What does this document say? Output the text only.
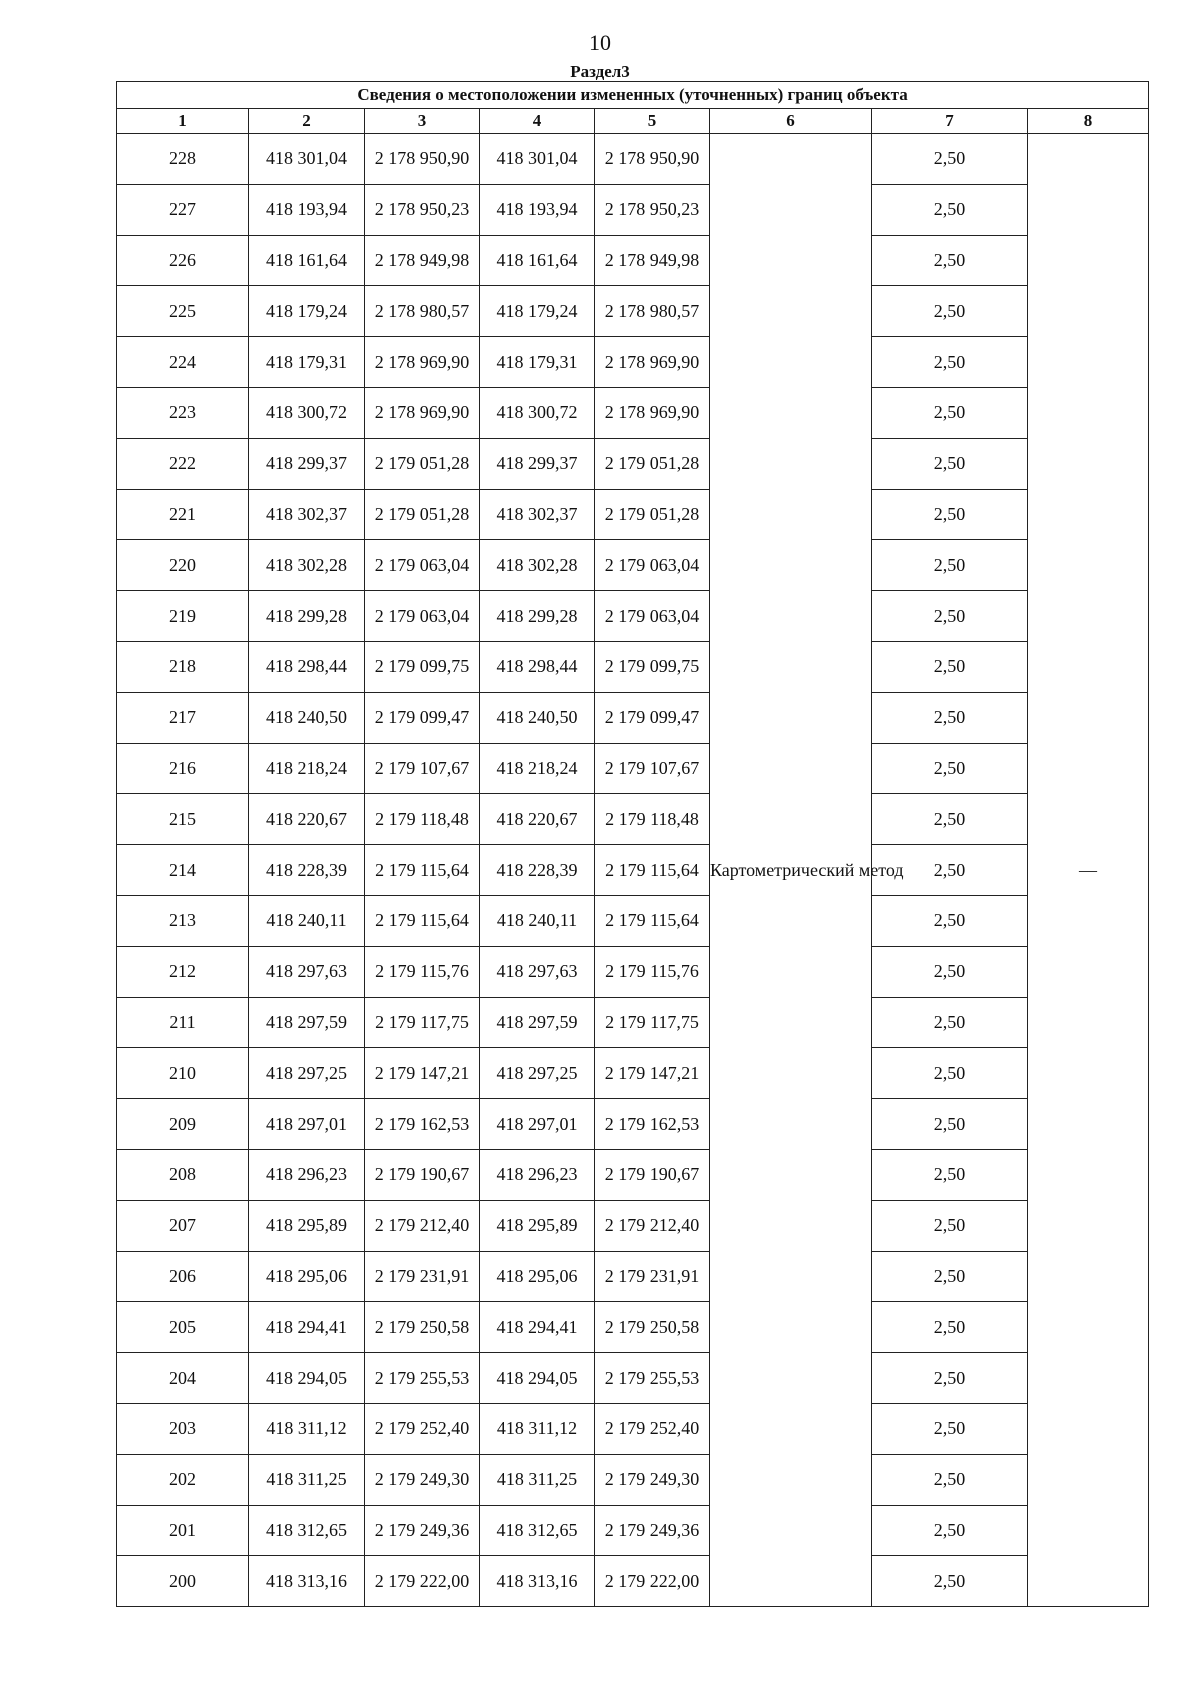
10
Раздел3
Сведения о местоположении измененных (уточненных) границ объекта							
1	2	3	4	5	6	7	8
228	418 301,04	2 178 950,90	418 301,04	2 178 950,90	Картометрический метод	2,50	—
227	418 193,94	2 178 950,23	418 193,94	2 178 950,23		2,50	
226	418 161,64	2 178 949,98	418 161,64	2 178 949,98		2,50	
225	418 179,24	2 178 980,57	418 179,24	2 178 980,57		2,50	
224	418 179,31	2 178 969,90	418 179,31	2 178 969,90		2,50	
223	418 300,72	2 178 969,90	418 300,72	2 178 969,90		2,50	
222	418 299,37	2 179 051,28	418 299,37	2 179 051,28		2,50	
221	418 302,37	2 179 051,28	418 302,37	2 179 051,28		2,50	
220	418 302,28	2 179 063,04	418 302,28	2 179 063,04		2,50	
219	418 299,28	2 179 063,04	418 299,28	2 179 063,04		2,50	
218	418 298,44	2 179 099,75	418 298,44	2 179 099,75		2,50	
217	418 240,50	2 179 099,47	418 240,50	2 179 099,47		2,50	
216	418 218,24	2 179 107,67	418 218,24	2 179 107,67		2,50	
215	418 220,67	2 179 118,48	418 220,67	2 179 118,48		2,50	
214	418 228,39	2 179 115,64	418 228,39	2 179 115,64		2,50	
213	418 240,11	2 179 115,64	418 240,11	2 179 115,64		2,50	
212	418 297,63	2 179 115,76	418 297,63	2 179 115,76		2,50	
211	418 297,59	2 179 117,75	418 297,59	2 179 117,75		2,50	
210	418 297,25	2 179 147,21	418 297,25	2 179 147,21		2,50	
209	418 297,01	2 179 162,53	418 297,01	2 179 162,53		2,50	
208	418 296,23	2 179 190,67	418 296,23	2 179 190,67		2,50	
207	418 295,89	2 179 212,40	418 295,89	2 179 212,40		2,50	
206	418 295,06	2 179 231,91	418 295,06	2 179 231,91		2,50	
205	418 294,41	2 179 250,58	418 294,41	2 179 250,58		2,50	
204	418 294,05	2 179 255,53	418 294,05	2 179 255,53		2,50	
203	418 311,12	2 179 252,40	418 311,12	2 179 252,40		2,50	
202	418 311,25	2 179 249,30	418 311,25	2 179 249,30		2,50	
201	418 312,65	2 179 249,36	418 312,65	2 179 249,36		2,50	
200	418 313,16	2 179 222,00	418 313,16	2 179 222,00		2,50	
